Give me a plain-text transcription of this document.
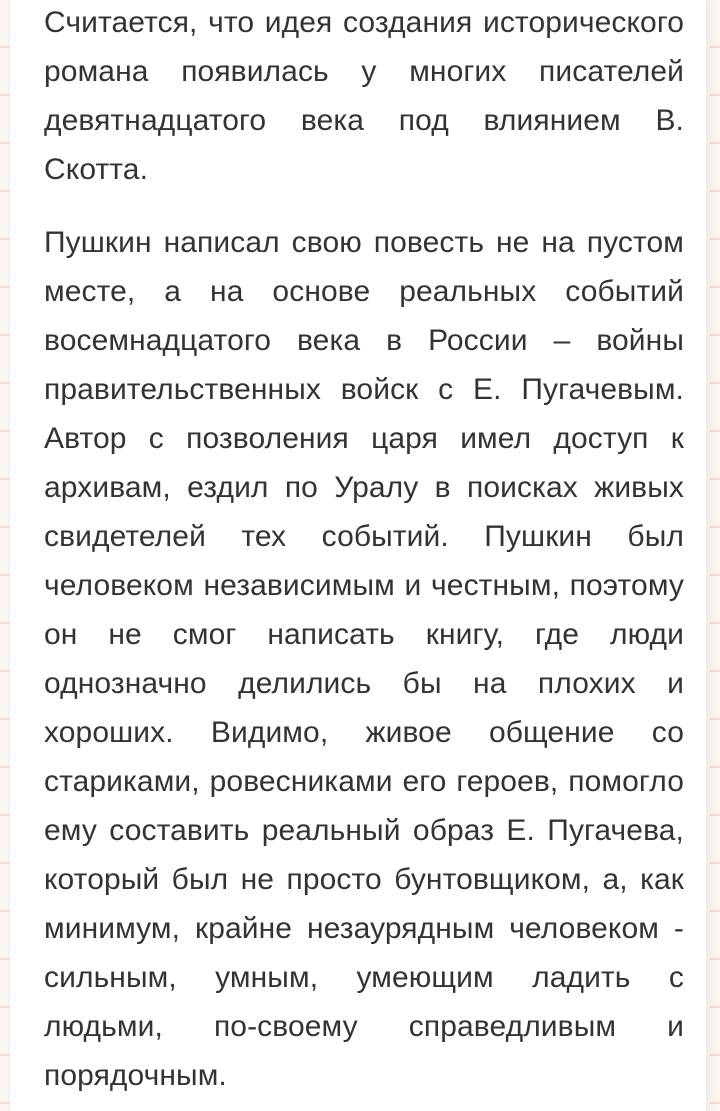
Считается, что идея создания исторического романа появилась у многих писателей девятнадцатого века под влиянием В. Скотта.

Пушкин написал свою повесть не на пустом месте, а на основе реальных событий восемнадцатого века в России – войны правительственных войск с Е. Пугачевым. Автор с позволения царя имел доступ к архивам, ездил по Уралу в поисках живых свидетелей тех событий. Пушкин был человеком независимым и честным, поэтому он не смог написать книгу, где люди однозначно делились бы на плохих и хороших. Видимо, живое общение со стариками, ровесниками его героев, помогло ему составить реальный образ Е. Пугачева, который был не просто бунтовщиком, а, как минимум, крайне незаурядным человеком - сильным, умным, умеющим ладить с людьми, по-своему справедливым и порядочным.
